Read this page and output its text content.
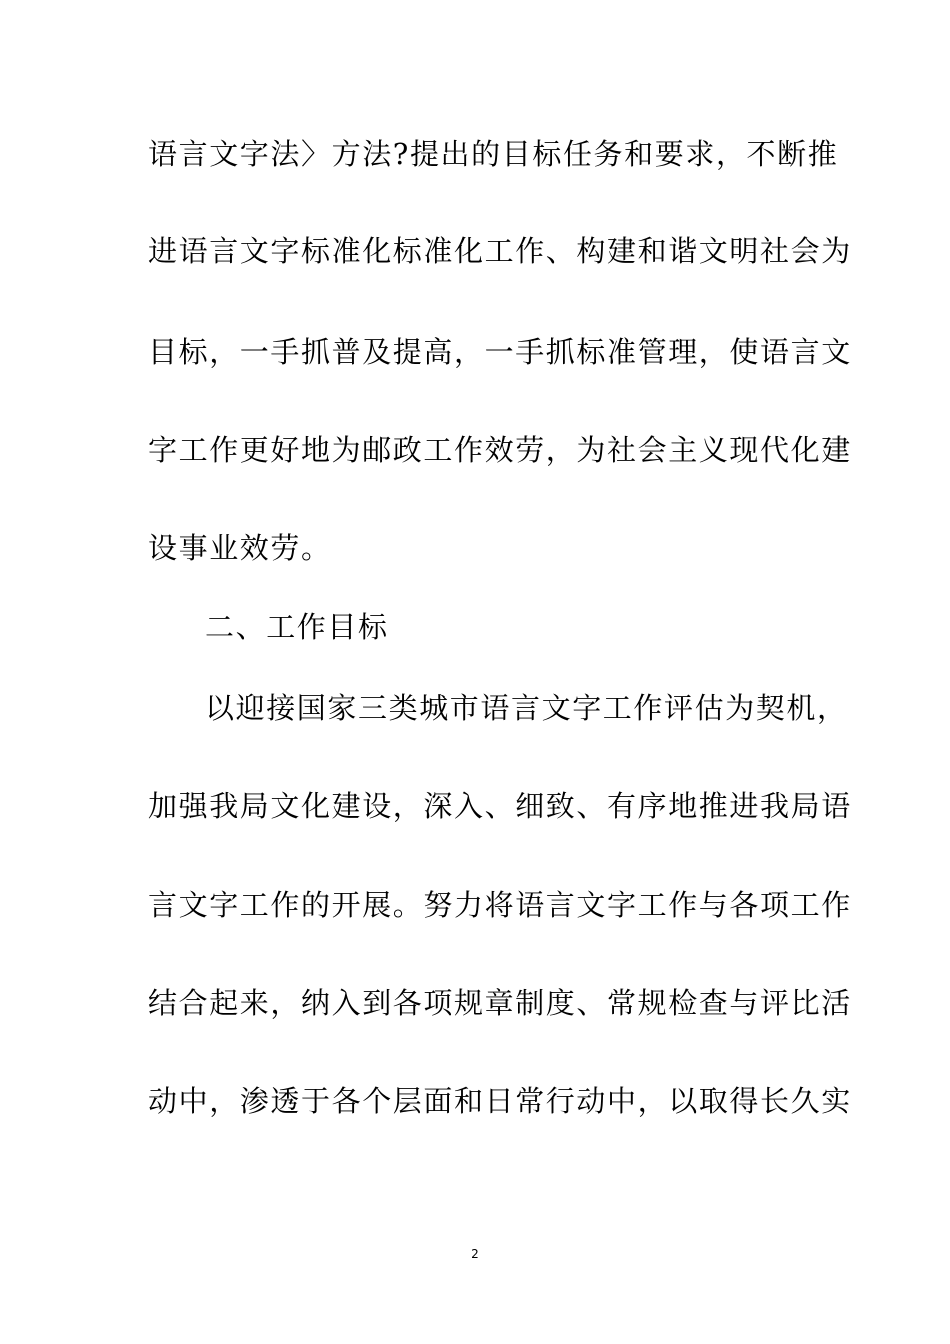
语言文字法〉方法?提出的目标任务和要求，不断推
进语言文字标准化标准化工作、构建和谐文明社会为
目标，一手抓普及提高，一手抓标准管理，使语言文
字工作更好地为邮政工作效劳，为社会主义现代化建
设事业效劳。
二、工作目标
以迎接国家三类城市语言文字工作评估为契机，
加强我局文化建设，深入、细致、有序地推进我局语
言文字工作的开展。努力将语言文字工作与各项工作
结合起来，纳入到各项规章制度、常规检查与评比活
动中，渗透于各个层面和日常行动中，以取得长久实
2
